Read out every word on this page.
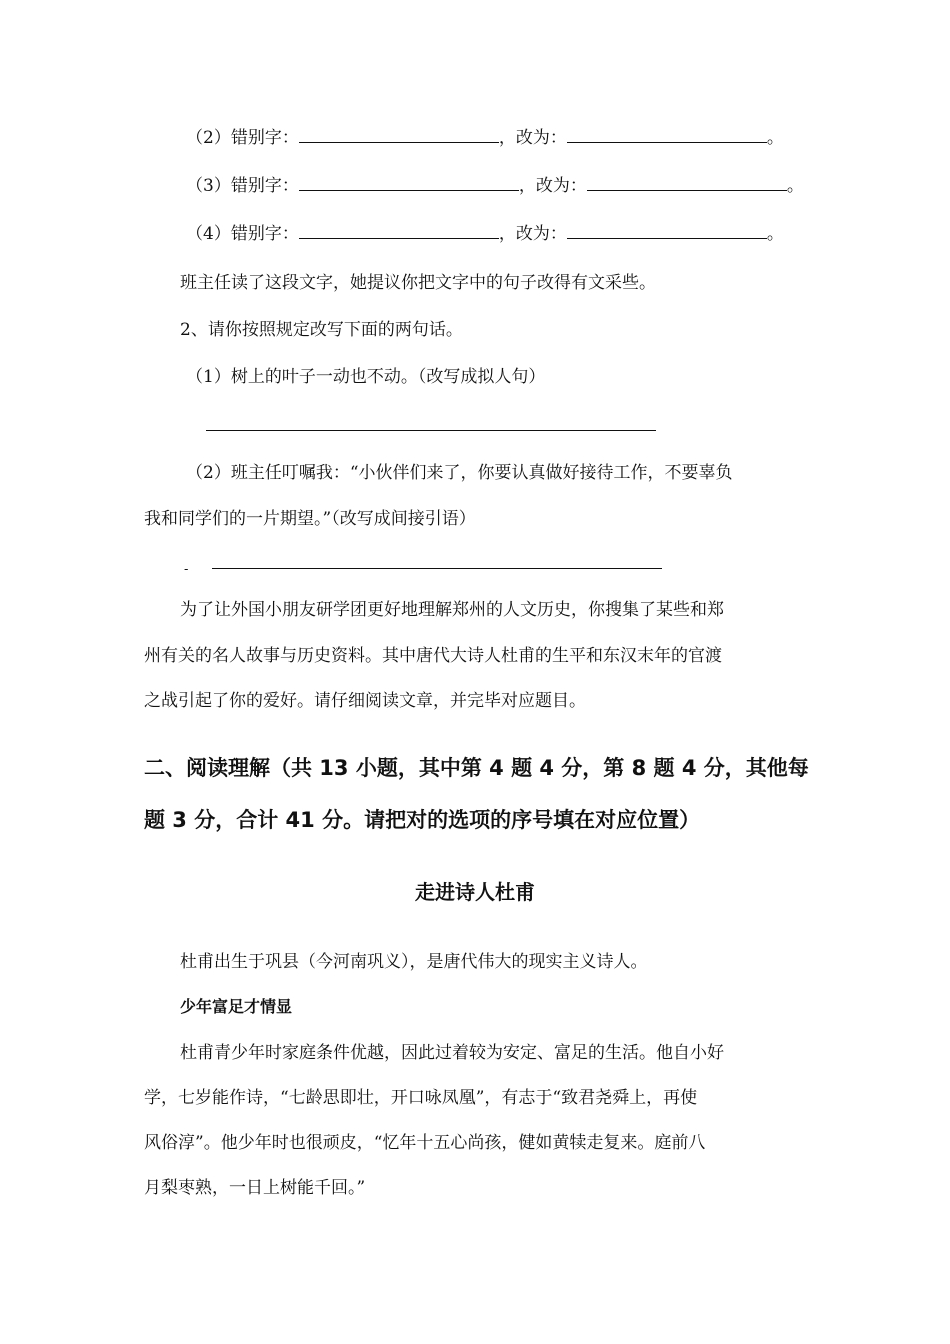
（2）错别字：	，改为：	。
（3）错别字：	，改为：	。
（4）错别字：	，改为：	。
班主任读了这段文字，她提议你把文字中的句子改得有文采些。
2、请你按照规定改写下面的两句话。
（1）树上的叶子一动也不动。（改写成拟人句）
（2）班主任叮嘱我：“小伙伴们来了，你要认真做好接待工作，不要辜负
我和同学们的一片期望。”（改写成间接引语）
-
为了让外国小朋友研学团更好地理解郑州的人文历史，你搜集了某些和郑
州有关的名人故事与历史资料。其中唐代大诗人杜甫的生平和东汉末年的官渡
之战引起了你的爱好。请仔细阅读文章，并完毕对应题目。
二、阅读理解（共 13 小题，其中第 4 题 4 分，第 8 题 4 分，其他每
题 3 分，合计 41 分。请把对的选项的序号填在对应位置）
走进诗人杜甫
杜甫出生于巩县（今河南巩义），是唐代伟大的现实主义诗人。
少年富足才情显
杜甫青少年时家庭条件优越，因此过着较为安定、富足的生活。他自小好
学，七岁能作诗，“七龄思即壮，开口咏凤凰”，有志于“致君尧舜上，再使
风俗淳”。他少年时也很顽皮，“忆年十五心尚孩，健如黄犊走复来。庭前八
月梨枣熟，一日上树能千回。”
